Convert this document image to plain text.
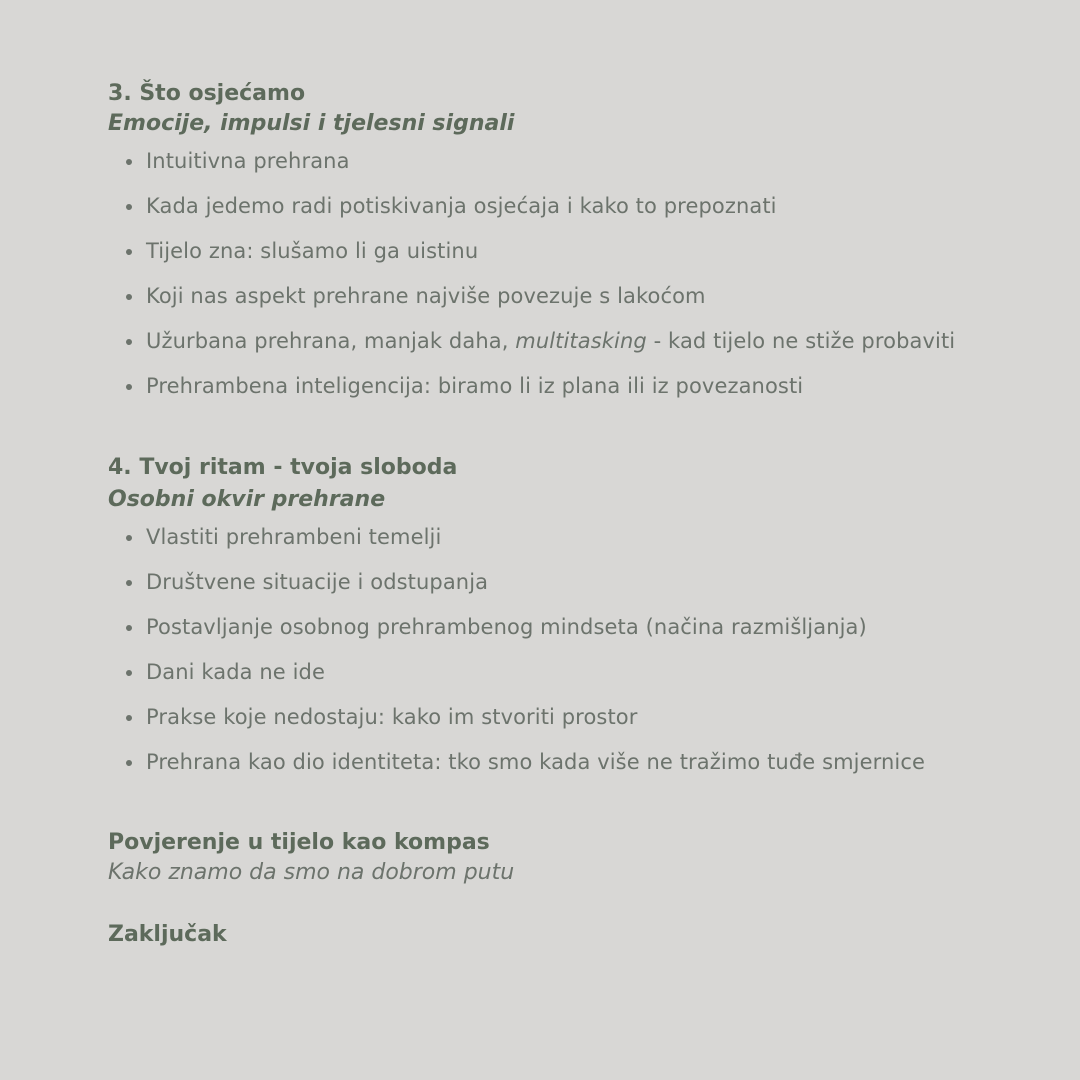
3. Što osjećamo

Emocije, impulsi i tjelesni signali

Intuitivna prehrana
Kada jedemo radi potiskivanja osjećaja i kako to prepoznati
Tijelo zna: slušamo li ga uistinu
Koji nas aspekt prehrane najviše povezuje s lakoćom
Užurbana prehrana, manjak daha, multitasking - kad tijelo ne stiže probaviti
Prehrambena inteligencija: biramo li iz plana ili iz povezanosti

4. Tvoj ritam - tvoja sloboda

Osobni okvir prehrane

Vlastiti prehrambeni temelji
Društvene situacije i odstupanja
Postavljanje osobnog prehrambenog mindseta (načina razmišljanja)
Dani kada ne ide
Prakse koje nedostaju: kako im stvoriti prostor
Prehrana kao dio identiteta: tko smo kada više ne tražimo tuđe smjernice

Povjerenje u tijelo kao kompas

Kako znamo da smo na dobrom putu

Zaključak
